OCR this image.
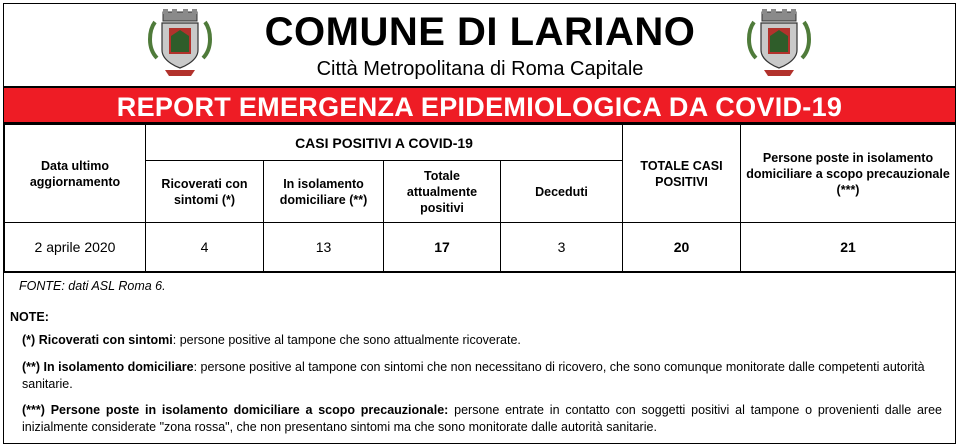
COMUNE DI LARIANO
Città Metropolitana di Roma Capitale
REPORT EMERGENZA EPIDEMIOLOGICA DA COVID-19
Data ultimo aggiornamento	CASI POSITIVI A COVID-19				TOTALE CASI POSITIVI	Persone poste in isolamento domiciliare a scopo precauzionale (***)
	Ricoverati con sintomi (*)	In isolamento domiciliare (**)	Totale attualmente positivi	Deceduti		
2 aprile 2020	4	13	17	3	20	21
FONTE: dati ASL Roma 6.
NOTE:
(*) Ricoverati con sintomi: persone positive al tampone che sono attualmente ricoverate.
(**) In isolamento domiciliare: persone positive al tampone con sintomi che non necessitano di ricovero, che sono comunque monitorate dalle competenti autorità sanitarie.
(***) Persone poste in isolamento domiciliare a scopo precauzionale: persone entrate in contatto con soggetti positivi al tampone o provenienti dalle aree inizialmente considerate "zona rossa", che non presentano sintomi ma che sono monitorate dalle autorità sanitarie.
